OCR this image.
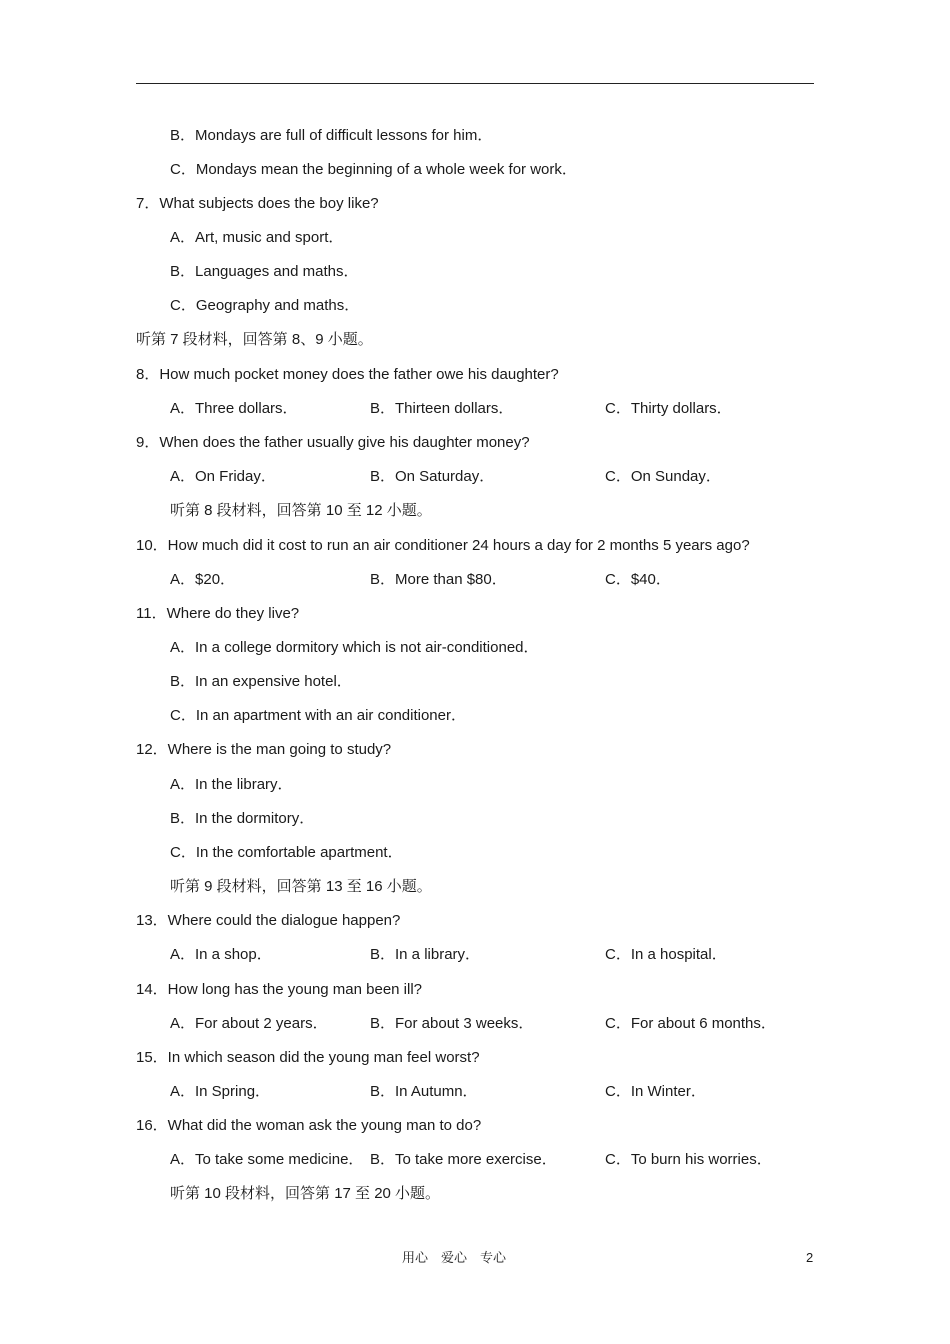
B．Mondays are full of difficult lessons for him．
C．Mondays mean the beginning of a whole week for work．
7．What subjects does the boy like?
A．Art, music and sport．
B．Languages and maths．
C．Geography and maths．
听第 7 段材料，回答第 8、9 小题。
8．How much pocket money does the father owe his daughter?
A．Three dollars．	B．Thirteen dollars．	C．Thirty dollars．
9．When does the father usually give his daughter money?
A．On Friday．	B．On Saturday．	C．On Sunday．
听第 8 段材料，回答第 10 至 12 小题。
10．How much did it cost to run an air conditioner 24 hours a day for 2 months 5 years ago?
A．$20．	B．More than $80．	C．$40．
11．Where do they live?
A．In a college dormitory which is not air-conditioned．
B．In an expensive hotel．
C．In an apartment with an air conditioner．
12．Where is the man going to study?
A．In the library．
B．In the dormitory．
C．In the comfortable apartment．
听第 9 段材料，回答第 13 至 16 小题。
13．Where could the dialogue happen?
A．In a shop．	B．In a library．	C．In a hospital．
14．How long has the young man been ill?
A．For about 2 years．	B．For about 3 weeks．	C．For about 6 months．
15．In which season did the young man feel worst?
A．In Spring．	B．In Autumn．	C．In Winter．
16．What did the woman ask the young man to do?
A．To take some medicine． B．To take more exercise．	C．To burn his worries．
听第 10 段材料，回答第 17 至 20 小题。
用心　爱心　专心	2
